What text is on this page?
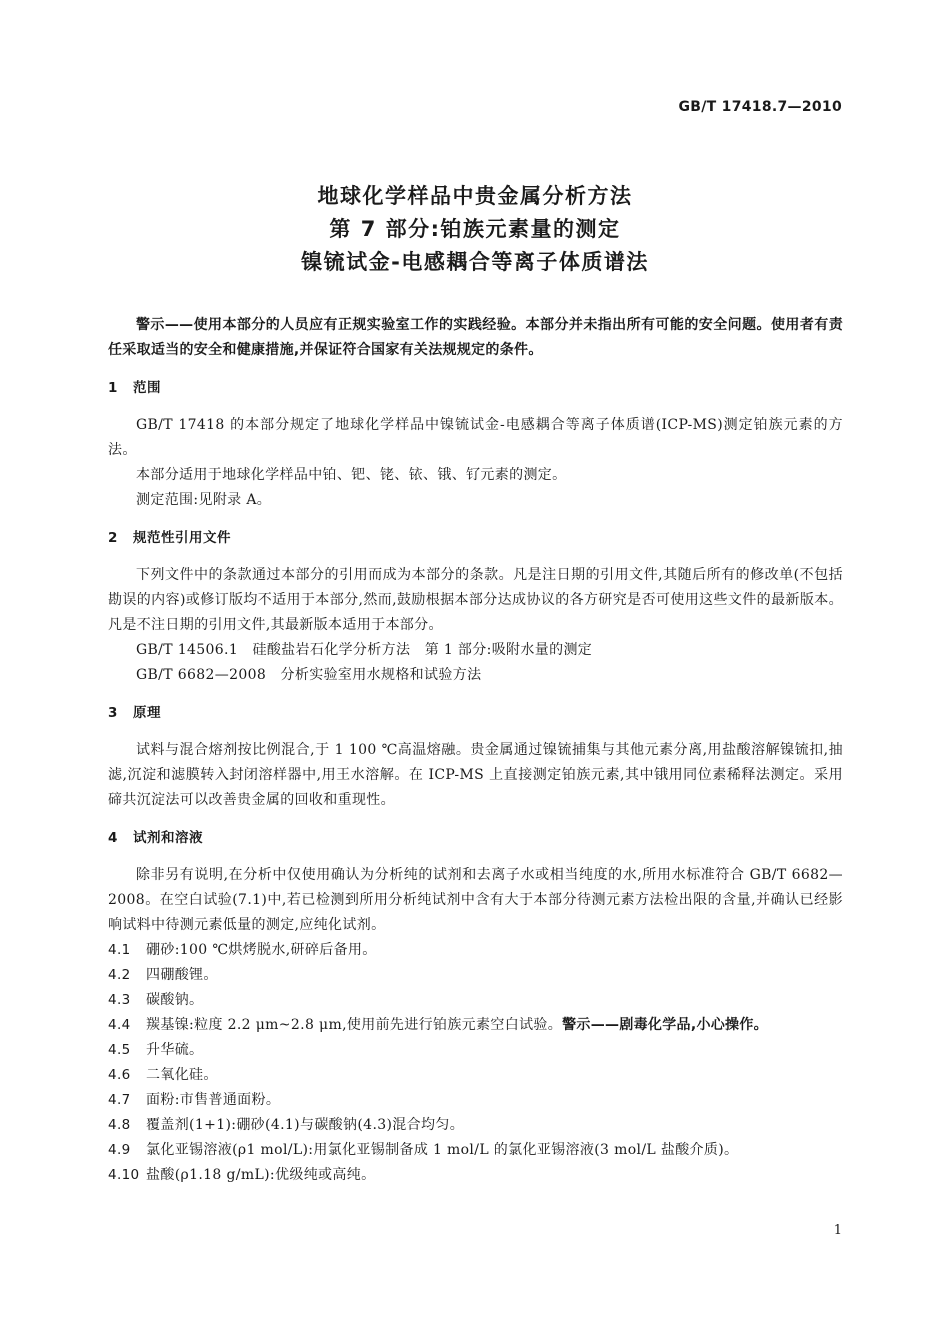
GB/T 17418.7—2010
地球化学样品中贵金属分析方法
第 7 部分:铂族元素量的测定
镍锍试金-电感耦合等离子体质谱法

警示——使用本部分的人员应有正规实验室工作的实践经验。本部分并未指出所有可能的安全问题。使用者有责任采取适当的安全和健康措施,并保证符合国家有关法规规定的条件。

1 范围

GB/T 17418 的本部分规定了地球化学样品中镍锍试金-电感耦合等离子体质谱(ICP-MS)测定铂族元素的方法。

本部分适用于地球化学样品中铂、钯、铑、铱、锇、钌元素的测定。

测定范围:见附录 A。

2 规范性引用文件

下列文件中的条款通过本部分的引用而成为本部分的条款。凡是注日期的引用文件,其随后所有的修改单(不包括勘误的内容)或修订版均不适用于本部分,然而,鼓励根据本部分达成协议的各方研究是否可使用这些文件的最新版本。凡是不注日期的引用文件,其最新版本适用于本部分。

GB/T 14506.1   硅酸盐岩石化学分析方法   第 1 部分:吸附水量的测定

GB/T 6682—2008   分析实验室用水规格和试验方法

3 原理

试料与混合熔剂按比例混合,于 1 100 ℃高温熔融。贵金属通过镍锍捕集与其他元素分离,用盐酸溶解镍锍扣,抽滤,沉淀和滤膜转入封闭溶样器中,用王水溶解。在 ICP-MS 上直接测定铂族元素,其中锇用同位素稀释法测定。采用碲共沉淀法可以改善贵金属的回收和重现性。

4 试剂和溶液

除非另有说明,在分析中仅使用确认为分析纯的试剂和去离子水或相当纯度的水,所用水标准符合 GB/T 6682—2008。在空白试验(7.1)中,若已检测到所用分析纯试剂中含有大于本部分待测元素方法检出限的含量,并确认已经影响试料中待测元素低量的测定,应纯化试剂。

4.1 硼砂:100 ℃烘烤脱水,研碎后备用。

4.2 四硼酸锂。

4.3 碳酸钠。

4.4 羰基镍:粒度 2.2 μm~2.8 μm,使用前先进行铂族元素空白试验。警示——剧毒化学品,小心操作。

4.5 升华硫。

4.6 二氧化硅。

4.7 面粉:市售普通面粉。

4.8 覆盖剂(1+1):硼砂(4.1)与碳酸钠(4.3)混合均匀。

4.9 氯化亚锡溶液(ρ1 mol/L):用氯化亚锡制备成 1 mol/L 的氯化亚锡溶液(3 mol/L 盐酸介质)。

4.10 盐酸(ρ1.18 g/mL):优级纯或高纯。

1
